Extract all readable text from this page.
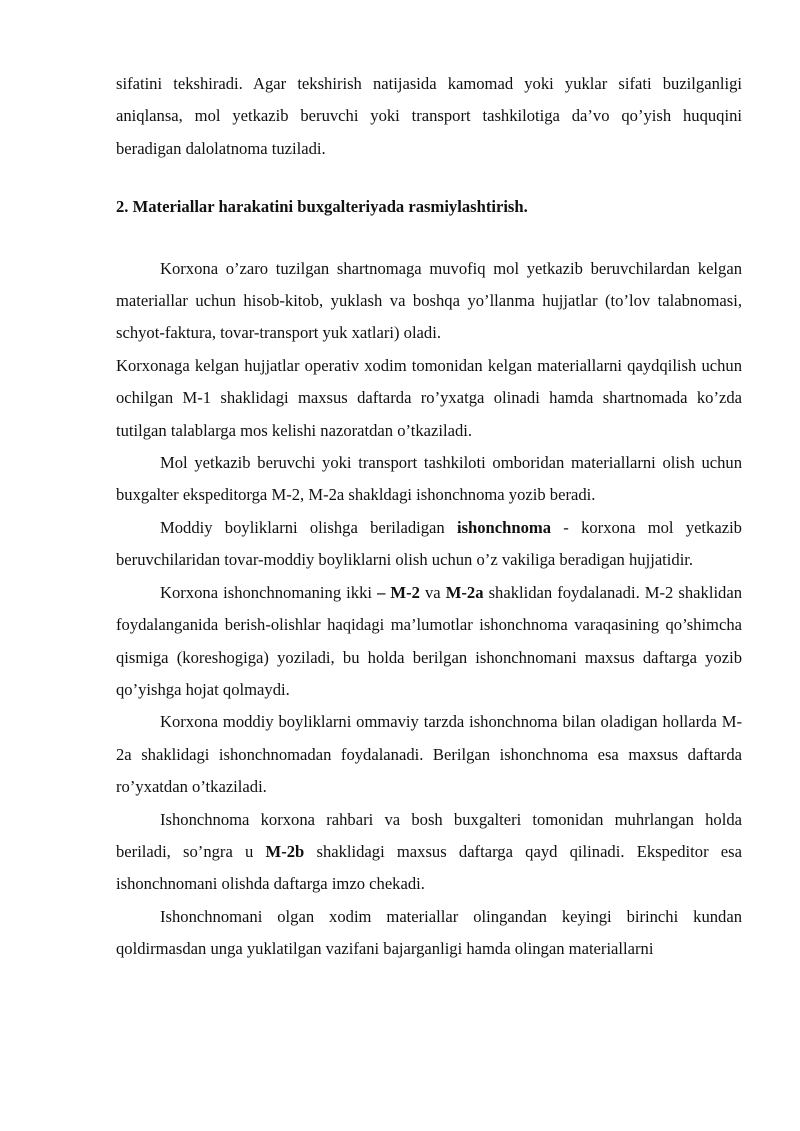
sifatini tekshiradi. Agar tekshirish natijasida kamomad yoki yuklar sifati buzilganligi aniqlansa, mol yetkazib beruvchi yoki transport tashkilotiga da’vo qo’yish huquqini beradigan dalolatnoma tuziladi.

2. Materiallar harakatini buxgalteriyada rasmiylashtirish.

Korxona o’zaro tuzilgan shartnomaga muvofiq mol yetkazib beruvchilardan kelgan materiallar uchun hisob-kitob, yuklash va boshqa yo’llanma hujjatlar (to’lov talabnomasi, schyot-faktura, tovar-transport yuk xatlari) oladi.

Korxonaga kelgan hujjatlar operativ xodim tomonidan kelgan materiallarni qaydqilish uchun ochilgan M-1 shaklidagi maxsus daftarda ro’yxatga olinadi hamda shartnomada ko’zda tutilgan talablarga mos kelishi nazoratdan o’tkaziladi.

Mol yetkazib beruvchi yoki transport tashkiloti omboridan materiallarni olish uchun buxgalter ekspeditorga M-2, M-2a shakldagi ishonchnoma yozib beradi.

Moddiy boyliklarni olishga beriladigan ishonchnoma - korxona mol yetkazib beruvchilaridan tovar-moddiy boyliklarni olish uchun o’z vakiliga beradigan hujjatidir.

Korxona ishonchnomaning ikki – M-2 va M-2a shaklidan foydalanadi. M-2 shaklidan foydalanganida berish-olishlar haqidagi ma’lumotlar ishonchnoma varaqasining qo’shimcha qismiga (koreshogiga) yoziladi, bu holda berilgan ishonchnomani maxsus daftarga yozib qo’yishga hojat qolmaydi.

Korxona moddiy boyliklarni ommaviy tarzda ishonchnoma bilan oladigan hollarda M-2a shaklidagi ishonchnomadan foydalanadi. Berilgan ishonchnoma esa maxsus daftarda ro’yxatdan o’tkaziladi.

Ishonchnoma korxona rahbari va bosh buxgalteri tomonidan muhrlangan holda beriladi, so’ngra u M-2b shaklidagi maxsus daftarga qayd qilinadi. Ekspeditor esa ishonchnomani olishda daftarga imzo chekadi.

Ishonchnomani olgan xodim materiallar olingandan keyingi birinchi kundan qoldirmasdan unga yuklatilgan vazifani bajarganligi hamda olingan materiallarni
